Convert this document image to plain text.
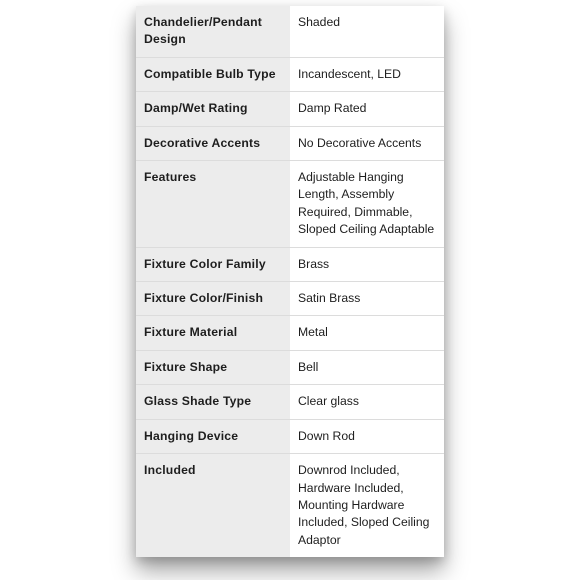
Chandelier/Pendant Design	Shaded
Compatible Bulb Type	Incandescent, LED
Damp/Wet Rating	Damp Rated
Decorative Accents	No Decorative Accents
Features	Adjustable Hanging Length, Assembly Required, Dimmable, Sloped Ceiling Adaptable
Fixture Color Family	Brass
Fixture Color/Finish	Satin Brass
Fixture Material	Metal
Fixture Shape	Bell
Glass Shade Type	Clear glass
Hanging Device	Down Rod
Included	Downrod Included, Hardware Included, Mounting Hardware Included, Sloped Ceiling Adaptor
